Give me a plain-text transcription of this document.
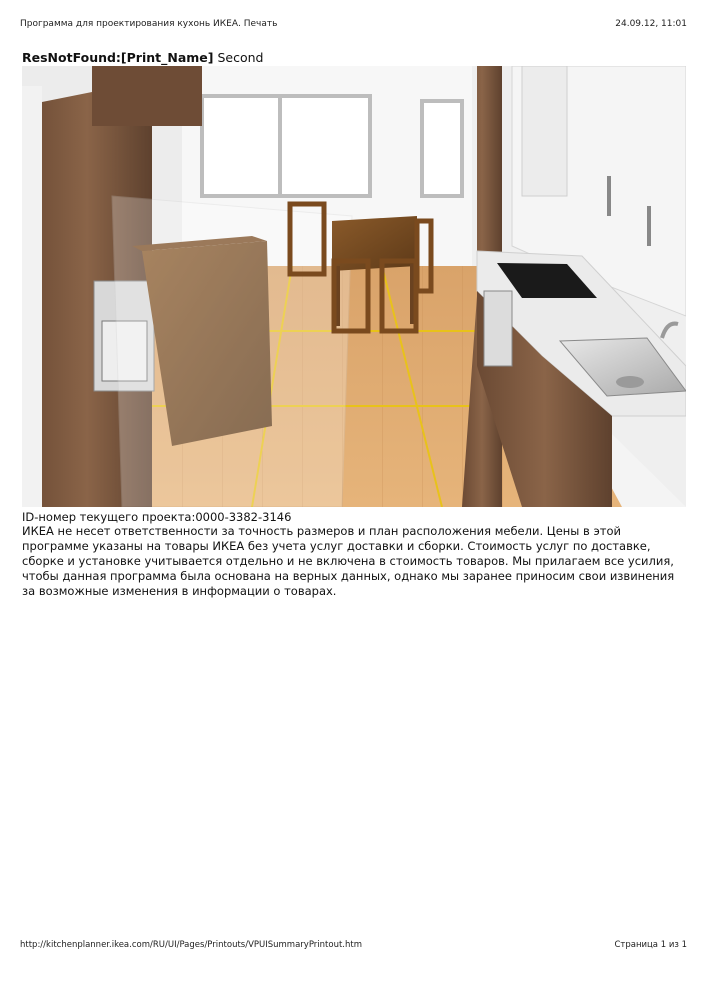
Программа для проектирования кухонь ИКЕА. Печать	24.09.12, 11:01
ResNotFound:[Print_Name] Second
ID-номер текущего проекта:0000-3382-3146
ИКЕА не несет ответственности за точность размеров и план расположения мебели. Цены в этой программе указаны на товары ИКЕА без учета услуг доставки и сборки. Стоимость услуг по доставке, сборке и установке учитывается отдельно и не включена в стоимость товаров. Мы прилагаем все усилия, чтобы данная программа была основана на верных данных, однако мы заранее приносим свои извинения за возможные изменения в информации о товарах.
http://kitchenplanner.ikea.com/RU/UI/Pages/Printouts/VPUISummaryPrintout.htm	Страница 1 из 1
